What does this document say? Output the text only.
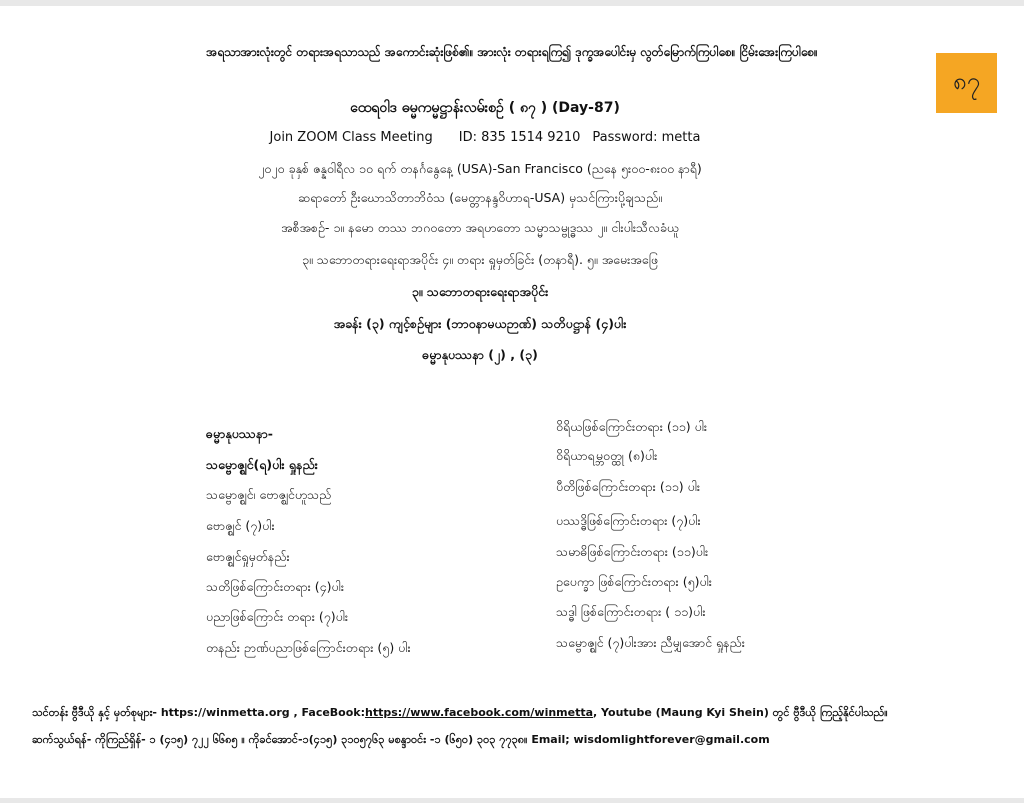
၈၇
အရသာအားလုံးတွင် တရားအရသာသည် အကောင်းဆုံးဖြစ်၏။ အားလုံး တရားရကြ၍ ဒုက္ခအပေါင်းမှ လွတ်မြောက်ကြပါစေ။ ငြိမ်းအေးကြပါစေ။
ထေရဝါဒ ဓမ္မကမ္မဋ္ဌာန်းလမ်းစဉ် ( ၈၇ ) (Day-87)
Join ZOOM Class Meeting ID: 835 1514 9210 Password: metta
၂၀၂၀ ခုနှစ် ဇန္နဝါရီလ ၁၀ ရက် တနင်္ဂနွေနေ့ (USA)-San Francisco (ညနေ ၅း၀၀-၈း၀၀ နာရီ)
ဆရာတော် ဦးဃောသိတာဘိဝံသ (မေတ္တာနန္ဒဝိဟာရ-USA) မှသင်ကြားပို့ချသည်။
အစီအစဉ်- ၁။ နမော တဿ ဘဂဝတော အရဟတော သမ္မာသမ္ဗုဒ္ဓဿ ၂။ ငါးပါးသီလခံယူ
၃။ သဘောတရားရေးရာအပိုင်း ၄။ တရား ရှုမှတ်ခြင်း (တနာရီ). ၅။ အမေးအဖြေ
၃။ သဘောတရားရေးရာအပိုင်း
အခန်း (၃) ကျင့်စဉ်များ (ဘာဝနာမယဉာဏ်) သတိပဋ္ဌာန် (၄)ပါး
ဓမ္မာနုပဿနာ (၂) , (၃)
ဓမ္မာနုပဿနာ-
သမ္ဗောဇ္ဈင်(ရ)ပါး ရှုနည်း
သမ္ဗောဇ္ဈင်၊ ဗောဇ္ဈင်ဟူသည်
ဗောဇ္ဈင် (၇)ပါး
ဗောဇ္ဈင်ရှုမှတ်နည်း
သတိဖြစ်ကြောင်းတရား (၄)ပါး
ပညာဖြစ်ကြောင်း တရား (၇)ပါး
တနည်း ဉာဏ်ပညာဖြစ်ကြောင်းတရား (၅) ပါး
ဝိရိယဖြစ်ကြောင်းတရား (၁၁) ပါး
ဝိရိယာရမ္ဘဝတ္ထု (၈)ပါး
ပီတိဖြစ်ကြောင်းတရား (၁၁) ပါး
ပဿဒ္ဓိဖြစ်ကြောင်းတရား (၇)ပါး
သမာဓိဖြစ်ကြောင်းတရား (၁၁)ပါး
ဥပေက္ခာ ဖြစ်ကြောင်းတရား (၅)ပါး
သဒ္ဓါ ဖြစ်ကြောင်းတရား ( ၁၁)ပါး
သမ္ဗောဇ္ဈင် (၇)ပါးအား ညီမျှအောင် ရှုနည်း
သင်တန်း ဗွီဒီယို နှင့် မှတ်စုများ- https://winmetta.org , FaceBook:https://www.facebook.com/winmetta, Youtube (Maung Kyi Shein) တွင် ဗွီဒီယို ကြည့်နိုင်ပါသည်။
ဆက်သွယ်ရန်- ကိုကြည်ရှိန်- ၁ (၄၁၅) ၇၂၂ ၆၆၈၅ ။ ကိုခင်အောင်-၁(၄၁၅) ၃၁၀၅၇၆၃ မစန္ဒာဝင်း -၁ (၆၅၀) ၃၀၃ ၇၇၃၈။ Email; wisdomlightforever@gmail.com
